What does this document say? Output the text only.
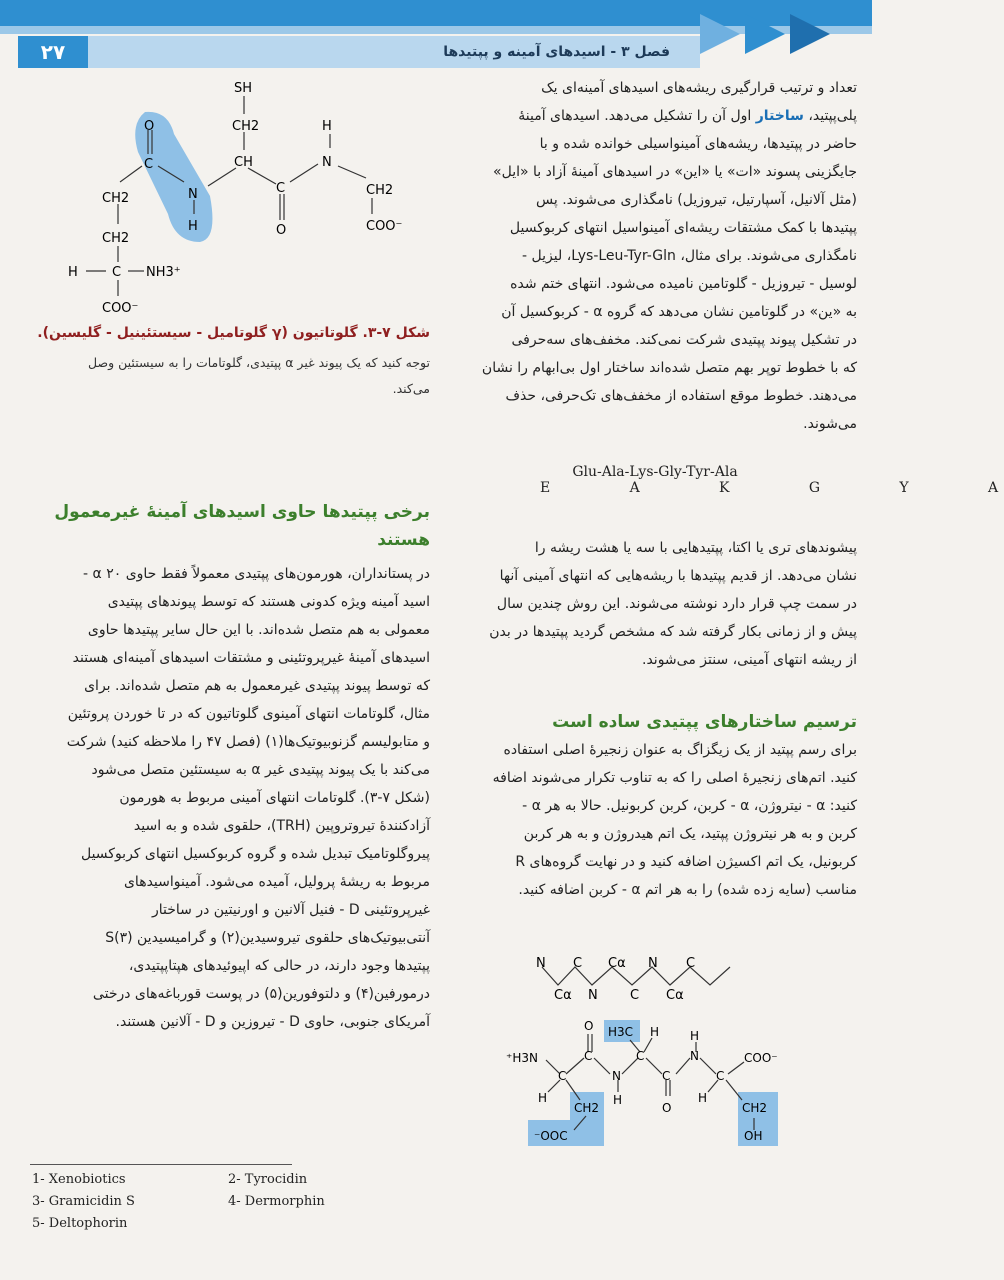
۲۷	فصل ۳ - اسیدهای آمینه و پپتیدها
تعداد و ترتیب قرارگیری ریشه‌های اسیدهای آمینه‌ای یک
پلی‌پپتید، ساختار اول آن را تشکیل می‌دهد. اسیدهای آمینهٔ
حاضر در پپتیدها، ریشه‌های آمینواسیلی خوانده شده و با
جایگزینی پسوند «ات» یا «این» در اسیدهای آمینهٔ آزاد با «ایل»
(مثل آلانیل، آسپارتیل، تیروزیل) نامگذاری می‌شوند. پس
پپتیدها با کمک مشتقات ریشه‌ای آمینواسیل انتهای کربوکسیل
نامگذاری می‌شوند. برای مثال، Lys-Leu-Tyr-Gln، لیزیل -
لوسیل - تیروزیل - گلوتامین نامیده می‌شود. انتهای ختم شده
به «ین» در گلوتامین نشان می‌دهد که گروه α - کربوکسیل آن
در تشکیل پیوند پپتیدی شرکت نمی‌کند. مخفف‌های سه‌حرفی
که با خطوط توپر بهم متصل شده‌اند ساختار اول بی‌ابهام را نشان
می‌دهند. خطوط موقع استفاده از مخفف‌های تک‌حرفی، حذف
می‌شوند.
Glu-Ala-Lys-Gly-Tyr-Ala
E   A   K   G   Y   A
پیشوندهای تری یا اکتا، پپتیدهایی با سه یا هشت ریشه را
نشان می‌دهد. از قدیم پپتیدها با ریشه‌هایی که انتهای آمینی آنها
در سمت چپ قرار دارد نوشته می‌شوند. این روش چندین سال
پیش و از زمانی بکار گرفته شد که مشخص گردید پپتیدها در بدن
از ریشه انتهای آمینی، سنتز می‌شوند.
ترسیم ساختارهای پپتیدی ساده است
برای رسم پپتید از یک زیگزاگ به عنوان زنجیرهٔ اصلی استفاده
کنید. اتم‌های زنجیرهٔ اصلی را که به تناوب تکرار می‌شوند اضافه
کنید: α - نیتروژن، α - کربن، کربن کربونیل. حالا به هر α -
کربن و به هر نیتروژن پپتید، یک اتم هیدروژن و به هر کربن
کربونیل، یک اتم اکسیژن اضافه کنید و در نهایت گروه‌های R
مناسب (سایه زده شده) را به هر اتم α - کربن اضافه کنید.
N
Cα
C
N
Cα
C
N
Cα
C
⁺H3N
O
C
H3C H
C
C	N
H
C
O
H
N
C
COO⁻
H
CH2
OH
H
CH2
⁻OOC
SH
CH2
CH
H
N
O
C
N
H
C
O
CH2
COO⁻
CH2
CH2
H	C NH3⁺
COO⁻
شکل ۷-۳. گلوتاتیون (γ گلوتامیل - سیستئینیل - گلیسین).
توجه کنید که یک پیوند غیر α پپتیدی، گلوتامات را به سیستئین وصل
می‌کند.
برخی پپتیدها حاوی اسیدهای آمینهٔ غیرمعمول
هستند
در پستانداران، هورمون‌های پپتیدی معمولاً فقط حاوی ۲۰ α -
اسید آمینه ویژه کدونی هستند که توسط پیوندهای پپتیدی
معمولی به هم متصل شده‌اند. با این حال سایر پپتیدها حاوی
اسیدهای آمینهٔ غیرپروتئینی و مشتقات اسیدهای آمینه‌ای هستند
که توسط پیوند پپتیدی غیرمعمول به هم متصل شده‌اند. برای
مثال، گلوتامات انتهای آمینوی گلوتاتیون که در تا خوردن پروتئین
و متابولیسم گزنوبیوتیک‌ها(۱) (فصل ۴۷ را ملاحظه کنید) شرکت
می‌کند با یک پیوند پپتیدی غیر α به سیستئین متصل می‌شود
(شکل ۷-۳). گلوتامات انتهای آمینی مربوط به هورمون
آزادکنندهٔ تیروتروپین (TRH)، حلقوی شده و به اسید
پیروگلوتامیک تبدیل شده و گروه کربوکسیل انتهای کربوکسیل
مربوط به ریشهٔ پرولیل، آمیده می‌شود. آمینواسیدهای
غیرپروتئینی D - فنیل آلانین و اورنیتین در ساختار
آنتی‌بیوتیک‌های حلقوی تیروسیدین(۲) و گرامیسیدین S(۳)
پپتیدها وجود دارند، در حالی که اپیوئیدهای هپتاپپتیدی،
درمورفین(۴) و دلتوفورین(۵) در پوست قورباغه‌های درختی
آمریکای جنوبی، حاوی D - تیروزین و D - آلانین هستند.
1- Xenobiotics	2- Tyrocidin
3- Gramicidin S	4- Dermorphin
5- Deltophorin
